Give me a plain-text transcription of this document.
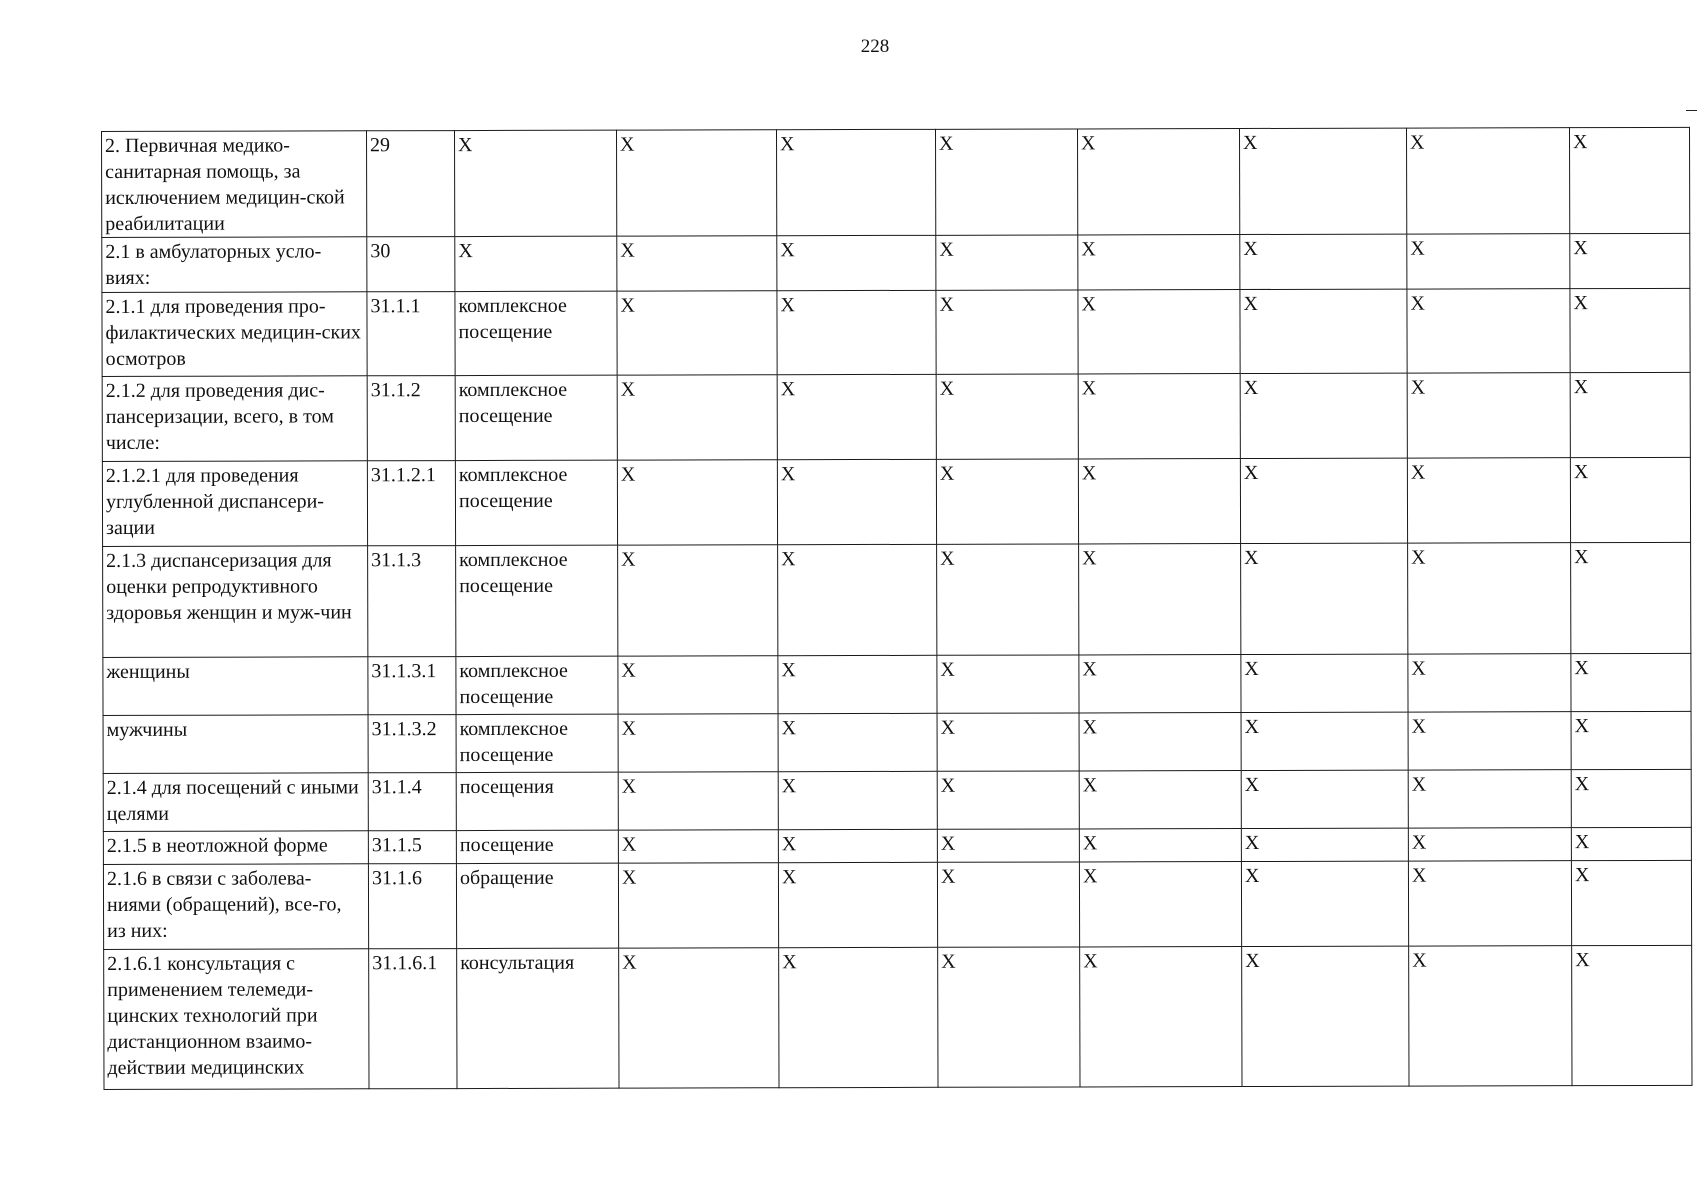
228
2. Первичная медико-санитарная помощь, за исключением медицин-ской реабилитации	29	X	X	X	X	X	X	X	X
2.1 в амбулаторных усло-виях:	30	X	X	X	X	X	X	X	X
2.1.1 для проведения про-филактических медицин-ских осмотров	31.1.1	комплексное посещение	X	X	X	X	X	X	X
2.1.2 для проведения дис-пансеризации, всего, в том числе:	31.1.2	комплексное посещение	X	X	X	X	X	X	X
2.1.2.1 для проведения углубленной диспансери-зации	31.1.2.1	комплексное посещение	X	X	X	X	X	X	X
2.1.3 диспансеризация для оценки репродуктивного здоровья женщин и муж-чин	31.1.3	комплексное посещение	X	X	X	X	X	X	X
женщины	31.1.3.1	комплексное посещение	X	X	X	X	X	X	X
мужчины	31.1.3.2	комплексное посещение	X	X	X	X	X	X	X
2.1.4 для посещений с иными целями	31.1.4	посещения	X	X	X	X	X	X	X
2.1.5 в неотложной форме	31.1.5	посещение	X	X	X	X	X	X	X
2.1.6 в связи с заболева-ниями (обращений), все-го, из них:	31.1.6	обращение	X	X	X	X	X	X	X
2.1.6.1 консультация с применением телемеди-цинских технологий при дистанционном взаимо-действии медицинских	31.1.6.1	консультация	X	X	X	X	X	X	X
